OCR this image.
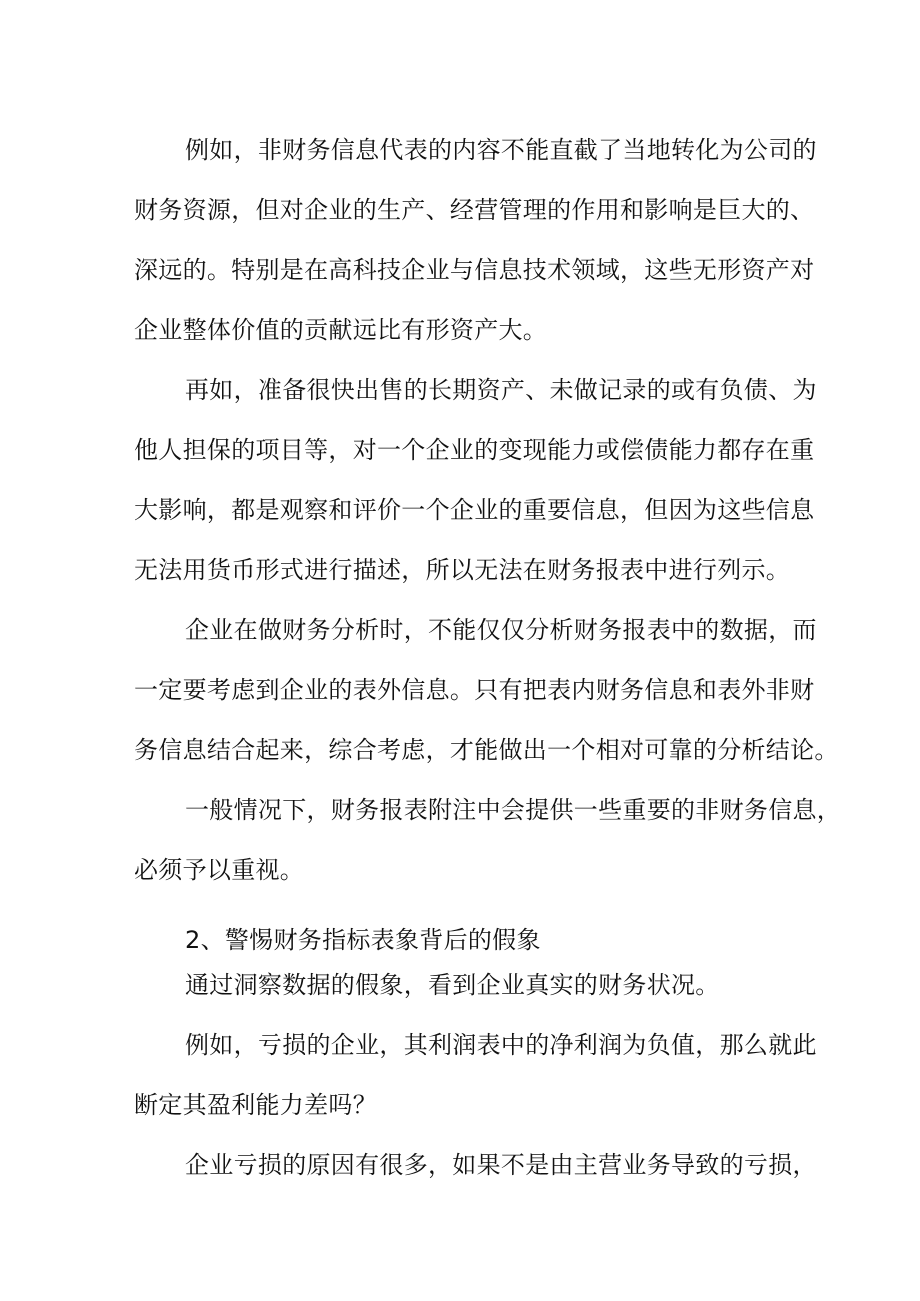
例如，非财务信息代表的内容不能直截了当地转化为公司的
财务资源，但对企业的生产、经营管理的作用和影响是巨大的、
深远的。特别是在高科技企业与信息技术领域，这些无形资产对
企业整体价值的贡献远比有形资产大。
再如，准备很快出售的长期资产、未做记录的或有负债、为
他人担保的项目等，对一个企业的变现能力或偿债能力都存在重
大影响，都是观察和评价一个企业的重要信息，但因为这些信息
无法用货币形式进行描述，所以无法在财务报表中进行列示。
企业在做财务分析时，不能仅仅分析财务报表中的数据，而
一定要考虑到企业的表外信息。只有把表内财务信息和表外非财
务信息结合起来，综合考虑，才能做出一个相对可靠的分析结论。
一般情况下，财务报表附注中会提供一些重要的非财务信息，
必须予以重视。
2、警惕财务指标表象背后的假象
通过洞察数据的假象，看到企业真实的财务状况。
例如，亏损的企业，其利润表中的净利润为负值，那么就此
断定其盈利能力差吗？
企业亏损的原因有很多，如果不是由主营业务导致的亏损，
